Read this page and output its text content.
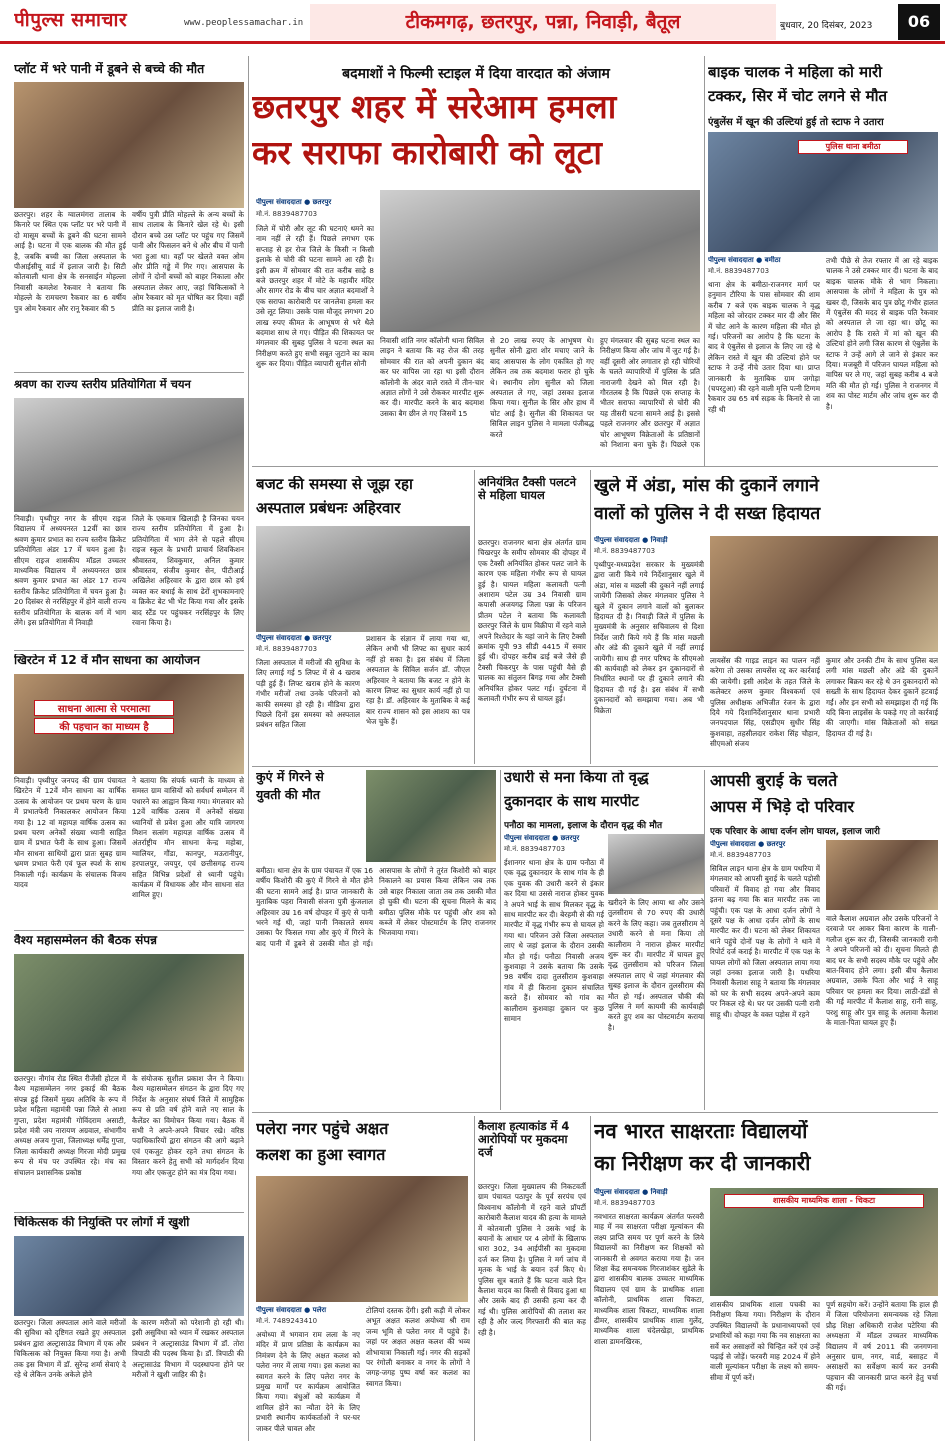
पीपुल्स समाचार	www.peoplessamachar.in	टीकमगढ़, छतरपुर, पन्ना, निवाड़ी, बैतूल	बुधवार, 20 दिसंबर, 2023	06
प्लॉट में भरे पानी में डूबने से बच्चे की मौत
छतरपुर। शहर के ग्वालमंगरा तालाब के किनारे पर स्थित एक प्लॉट पर भरे पानी में दो मासूम बच्चों के डूबने की घटना सामने आई है। घटना में एक बालक की मौत हुई है, जबकि बच्ची का जिला अस्पताल के पीआईसीयू वार्ड में इलाज जारी है। सिटी कोतवाली थाना क्षेत्र के सनसाईन मोहल्ला निवासी कमलेश रैकवार ने बताया कि मोहल्ले के रामचरण रैकवार का 6 वर्षीय पुत्र ओम रैकवार और रानू रैकवार की 5
वर्षीय पुत्री प्रीति मोहल्ले के अन्य बच्चों के साथ तालाब के किनारे खेल रहे थे। इसी दौरान बच्चे उस प्लॉट पर पहुंच गए जिसमें पानी और फिसलन बने थे और बीच में पानी भरा हुआ था। वहाँ पर खेलते वक्त ओम और प्रीति गड्ढे में गिर गए। आसपास के लोगों ने दोनों बच्चों को बाहर निकाला और अस्पताल लेकर आए, जहां चिकित्सकों ने ओम रैकवार को मृत घोषित कर दिया। वहीं प्रीति का इलाज जारी है।
श्रवण का राज्य स्तरीय प्रतियोगिता में चयन
निवाड़ी। पृथ्वीपुर नगर के सीएम राइज विद्यालय में अध्ययनरत 12वीं का छात्र श्रवण कुमार प्रभात का राज्य स्तरीय क्रिकेट प्रतियोगिता अंडर 17 में चयन हुआ है। सीएम राइज शासकीय मॉडल उच्चतर माध्यमिक विद्यालय में अध्ययनरत छात्र श्रवण कुमार प्रभात का अंडर 17 राज्य स्तरीय क्रिकेट प्रतियोगिता में चयन हुआ है। 20 दिसंबर से नरसिंहपुर में होने वाली राज्य स्तरीय प्रतियोगिता के बालक वर्ग में भाग लेंगे। इस प्रतियोगिता में निवाड़ी
जिले के एकमात्र खिलाड़ी है जिनका चयन राज्य स्तरीय प्रतियोगिता में हुआ है। प्रतियोगिता में भाग लेने से पहले सीएम राइज स्कूल के प्रभारी प्राचार्य शिवकिशन श्रीवास्तव, शिवकुमार, अनिल कुमार श्रीवास्तव, संजीव कुमार सेन, पीटीआई अखिलेश अहिरवार के द्वारा छात्र को हर्ष व्यक्त कर बधाई के साथ ढेरों शुभकामनाएं व क्रिकेट बेट भी भेंट किया गया और इसके बाद स्टैंड पर पहुंचकर नरसिंहपुर के लिए रवाना किया है।
खिरटेन में 12 वें मौन साधना का आयोजन
साधना आत्मा से परमात्मा
की पहचान का माध्यम है
निवाड़ी। पृथ्वीपुर जनपद की ग्राम पंचायत खिरटेन में 12वें मौन साधना का वार्षिक उत्सव के आयोजन पर प्रथम चरण के ग्राम में प्रभातफेरी निकालकर आयोजन किया गया है। 12 वां महायज्ञ वार्षिक उत्सव का प्रथम चरण अनेकों संख्या ध्यानी साहित ग्राम में प्रभात फेरी के साथ हुआ। जिसमें मौन साधना साथियों द्वारा प्रातः सुबह ग्राम भ्रमण प्रभात फेरी एवं फूल स्पर्श के साथ निकाली गई। कार्यक्रम के संचालक विजय यादव
ने बताया कि संपर्क ध्यानी के माध्यम से समस्त ग्राम वासियों को सर्वधर्म सम्मेलन में पधारने का आह्वान किया गया। मंगलवार को 12वें वार्षिक उत्सव में अनेकों संख्या ध्यानियों से प्रवेश हुआ और यात्रि जागरण मिशन सत्संग महायज्ञ वार्षिक उत्सव में अंतर्राष्ट्रीय मौन साधना केन्द्र महोबा, ग्वालियर, गौंडा, कानपुर, मऊरानीपुर, हरपालपुर, जयपुर, एवं छत्तीसगढ़ राज्य सहित विभिन्न प्रदेशों से ध्यानी पहुंचे। कार्यक्रम में विधायक और मौन साधना संत शामिल हुए।
वैश्य महासम्मेलन की बैठक संपन्न
छतरपुर। नौगांव रोड स्थित रीजेंसी होटल में वैश्य महासम्मेलन नगर इकाई की बैठक संपन्न हुई जिसमें मुख्य अतिथि के रूप में प्रदेश महिला महामंत्री पन्ना जिले से आशा गुप्ता, प्रदेश महामंत्री गोविंदराम असाटी, प्रदेश मंत्री जय नारायण अग्रवाल, संभागीय अध्यक्ष अजय गुप्ता, जिलाध्यक्ष धर्मेंद्र गुप्ता, जिला कार्यकारी अध्यक्ष गिरजा मोदी प्रमुख रूप से मंच पर उपस्थित रहे। मंच का संचालन प्रशासनिक प्रकोष्ठ
के संयोजक सुशील प्रकाश जैन ने किया। वैश्य महासम्मेलन संगठन के द्वारा दिए गए निर्देश के अनुसार संघर्ष जिले में सामुहिक रूप से प्रति वर्ष होने वाले नए साल के कैलेंडर का विमोचन किया गया। बैठक में सभी ने अपने-अपने विचार रखे। वरिष्ठ पदाधिकारियों द्वारा संगठन की आगे बढ़ाने एवं एकजुट होकर रहने तथा संगठन के विस्तार करने हेतु सभी को मार्गदर्शन दिया गया और एकजुट होने का मंत्र दिया गया।
चिकित्सक की नियुक्ति पर लोगों में खुशी
छतरपुर। जिला अस्पताल आने वाले मरीजों की सुविधा को दृष्टिगत रखते हुए अस्पताल प्रबंधन द्वारा अल्ट्रासाउंड विभाग में एक और चिकित्सक को नियुक्त किया गया है। अभी तक इस विभाग में डॉ. सुरेन्द्र शर्मा सेवाएं दे रहे थे लेकिन उनके अकेले होने
के कारण मरीजों को परेशानी हो रही थी। इसी असुविधा को ध्यान में रखकर अस्पताल प्रबंधन ने अल्ट्रासाउंड विभाग में डॉ. तोरा त्रिपाठी की पदस्थ किया है। डॉ. त्रिपाठी की अल्ट्रासाउंड विभाग में पदस्थापना होने पर मरीजों ने खुशी जाहिर की है।
बदमाशों ने फिल्मी स्टाइल में दिया वारदात को अंजाम
छतरपुर शहर में सरेआम हमला
कर सराफा कारोबारी को लूटा
पीपुल्स संवाददाता ● छतरपुर
मो.नं. 8839487703
जिले में चोरी और लूट की घटनाएं थमने का नाम नहीं ले रही हैं। पिछले लगभग एक सप्ताह से हर रोज जिले के किसी न किसी इलाके से चोरी की घटना सामने आ रही है। इसी क्रम में सोमवार की रात करीब साढ़े 8 बजे छतरपुर शहर में मोटे के महावीर मंदिर और सागर रोड के बीच चार अज्ञात बदमाशों ने एक सराफा कारोबारी पर जानलेवा हमला कर उसे लूट लिया। उसके पास मौजूद लगभग 20 लाख रुपए कीमत के आभूषण से भरे थैले बदमाश साथ ले गए। पीड़ित की शिकायत पर मंगलवार की सुबह पुलिस ने घटना स्थल का निरीक्षण करते हुए सभी सबूत जुटाने का काम शुरू कर दिया। पीड़ित व्यापारी सुनील सोनी
निवासी शांति नगर कॉलोनी थाना सिविल लाइन ने बताया कि वह रोज की तरह सोमवार की रात को अपनी दुकान बंद कर घर वापिस जा रहा था इसी दौरान कॉलोनी के अंदर वाले रास्ते में तीन-चार अज्ञात लोगों ने उसे रोककर मारपीट शुरू कर दी। मारपीट करने के बाद बदमाश उसका बैग छीन ले गए जिसमें 15
से 20 लाख रुपए के आभूषण थे। सुनील सोनी द्वारा शोर मचाए जाने के बाद आसपास के लोग एकत्रित हो गए लेकिन तब तक बदमाश फरार हो चुके थे। स्थानीय लोग सुनील को जिला अस्पताल ले गए, जहां उसका इलाज किया गया। सुनील के सिर और हाथ में चोट आई है। सुनील की शिकायत पर सिविल लाइन पुलिस ने मामला पंजीबद्ध करते
हुए मंगलवार की सुबह घटना स्थल का निरीक्षण किया और जांच में जुट गई है। वहीं दूसरी ओर लगातार हो रही चोरियों के चलते व्यापारियों में पुलिस के प्रति नाराजगी देखने को मिल रही है। गौरतलब है कि पिछले एक सप्ताह के भीतर सराफा व्यापारियों से चोरी की यह तीसरी घटना सामने आई है। इससे पहले राजनगर और छतरपुर में अज्ञात चोर आभूषण विक्रेताओं के प्रतिष्ठानों को निशाना बना चुके हैं। पिछले एक
बाइक चालक ने महिला को मारी
टक्कर, सिर में चोट लगने से मौत
एंबुलेंस में खून की उल्टियां हुई तो स्टाफ ने उतारा
पुलिस थाना बमीठा
पीपुल्स संवाददाता ● बमीठा
मो.नं. 8839487703
थाना क्षेत्र के बमीठा-राजनगर मार्ग पर हनुमान टौरिया के पास सोमवार की शाम करीब 7 बजे एक बाइक चालक ने वृद्ध महिला को जोरदार टक्कर मार दी और सिर में चोट आने के कारण महिला की मौत हो गई। परिजनों का आरोप है कि घटना के बाद वे एंबुलेंस से इलाज के लिए जा रहे थे लेकिन रास्ते में खून की उल्टियां होने पर स्टाफ ने उन्हें नीचे उतार दिया था। प्राप्त जानकारी के मुताबिक ग्राम जगोड़ा (चपरटुआ) की रहने वाली मृत्ति पत्नी टिग्गम रैकवार उम्र 65 वर्ष सड़क के किनारे से जा रही थी
तभी पीछे से तेज रफ्तार में आ रहे बाइक चालक ने उसे टक्कर मार दी। घटना के बाद बाइक चालक मौके से भाग निकला। आसपास के लोगों ने महिला के पुत्र को खबर दी, जिसके बाद पुत्र छोटू गंभीर हालत में एंबुलेंस की मदद से बाइक पति रैकवार को अस्पताल ले जा रहा था। छोटू का आरोप है कि रास्ते में मां को खून की उल्टियां होने लगी जिस कारण से एंबुलेंस के स्टाफ ने उन्हें आगे ले जाने से इंकार कर दिया। मजबूरी में परिजन घायल महिला को वापिस घर ले गए, जहां सुबह करीब 4 बजे मति की मौत हो गई। पुलिस ने राजनगर में शव का पोस्ट मार्टम और जांच शुरू कर दी है।
बजट की समस्या से जूझ रहा
अस्पताल प्रबंधनः अहिरवार
पीपुल्स संवाददाता ● छतरपुर
मो.नं. 8839487703
जिला अस्पताल में मरीजों की सुविधा के लिए लगाई गई 5 लिफ्ट में से 4 खराब पड़ी हुई हैं। लिफ्ट खराब होने के कारण गंभीर मरीजों तथा उनके परिजनों को काफी समस्या हो रही है। मीडिया द्वारा पिछले दिनों इस समस्या को अस्पताल प्रबंधन सहित जिला
प्रशासन के संज्ञान में लाया गया था, लेकिन अभी भी लिफ्ट का सुधार कार्य नहीं हो सका है। इस संबंध में जिला अस्पताल के सिविल सर्जन डॉ. जीएल अहिरवार ने बताया कि बजट न होने के कारण लिफ्ट का सुधार कार्य नहीं हो पा रहा है। डॉ. अहिरवार के मुताबिक वे कई बार राज्य शासन को इस आशय का पत्र भेज चुके हैं।
अनियंत्रित टैक्सी पलटने से महिला घायल
छतरपुर। राजनगर थाना क्षेत्र अंतर्गत ग्राम चिखरपुर के समीप सोमवार की दोपहर में एक टैक्सी अनियंत्रित होकर पलट जाने के कारण एक महिला गंभीर रूप से घायल हुई है। घायल महिला कलावती पत्नी अशाराम पटेल उम्र 34 निवासी ग्राम कपासी अजयगढ़ जिला पन्ना के परिजन प्रीतम पटेल ने बताया कि कलावती छतरपुर जिले के ग्राम विक्रीपा में रहने वाले अपने रिश्तेदार के यहां जाने के लिए टैक्सी क्रमांक यूपी 93 सीडी 4415 में सवार हुई थी। दोपहर करीब ढाई बजे जैसे ही टैक्सी चिकरपुर के पास पहुंची वैसे ही चालक का संतुलन बिगड़ गया और टैक्सी अनियंत्रित होकर पलट गई। दुर्घटना में कलावती गंभीर रूप से घायल हुई।
खुले में अंडा, मांस की दुकानें लगाने
वालों को पुलिस ने दी सख्त हिदायत
पीपुल्स संवाददाता ● निवाड़ी
मो.नं. 8839487703
पृथ्वीपुर-मध्यप्रदेश सरकार के मुख्यमंत्री द्वारा जारी किये गये निर्देशानुसार खुले में अंडा, मांस व मछली की दुकाने नहीं लगाई जायेंगी जिसको लेकर मंगलवार पुलिस ने खुले में दुकान लगाने वालों को बुलाकर हिदायत दी है। निवाड़ी जिले में पुलिस के मुख्यमंत्री के अनुसार सचिवालय से दिशा निर्देश जारी किये गये हैं कि मांस मछली और अंडे की दुकाने खुले में नहीं लगाई जायेंगी। साथ ही नगर परिषद के सीएमओ की कार्यवाही को लेकर इन दुकानदारों से निर्धारित स्थानों पर ही दुकाने लगाने की हिदायत दी गई है। इस संबंध में सभी दुकानदारों को समझाया गया। अब भी विक्रेता
लायसेंस की गाइड लाइन का पालन नहीं करेगा तो उसका लायसेंस रद्द कर कार्रवाई की जायेगी। इसी आदेश के तहत जिले के कलेक्टर अरुण कुमार विश्वकर्मा एवं पुलिस अधीक्षक अभिजीत रंजन के द्वारा दिये गये दिशानिर्देशानुसार थाना प्रभारी जनपदपाल सिंह, एसडीएम सुधीर सिंह कुशवाहा, तहसीलदार राकेश सिंह चौहान, सीएमओ संजय
कुमार और उनकी टीम के साथ पुलिस बल लगी मांस मछली और अंडे की दुकानें लगाकर बिक्रय कर रहे थे उन दुकानदारों को सख्ती के साथ हिदायत देकर दुकानें हटवाई गईं। और इन सभी को समझाइश दी गई कि यदि बिना लाइसेंस के पकड़े गए तो कार्रवाई की जाएगी। मांस विक्रेताओं को सख्त हिदायत दी गई है।
कुएं में गिरने से
युवती की मौत
बमीठा। थाना क्षेत्र के ग्राम पंचायत में एक 16 वर्षीय किशोरी की कुएं में गिरने से मौत होने की घटना सामने आई है। प्राप्त जानकारी के मुताबिक पहरा निवासी संजना पुत्री कुंजलाल अहिरवार उम्र 16 वर्ष दोपहर में कुएं से पानी भरने गई थी, जहां पानी निकालते समय उसका पैर फिसल गया और कुएं में गिरने के बाद पानी में डूबने से उसकी मौत हो गई। आसपास के लोगों ने तुरंत किशोरी को बाहर निकालने का प्रयास किया लेकिन जब तक उसे बाहर निकाला जाता तब तक उसकी मौत हो चुकी थी। घटना की सूचना मिलने के बाद बमीठा पुलिस मौके पर पहुंची और शव को कब्जे में लेकर पोस्टमार्टम के लिए राजनगर भिजवाया गया।
उधारी से मना किया तो वृद्ध
दुकानदार के साथ मारपीट
पनौठा का मामला, इलाज के दौरान वृद्ध की मौत
पीपुल्स संवाददाता ● छतरपुर
मो.नं. 8839487703
ईशानगर थाना क्षेत्र के ग्राम पनौठा में एक वृद्ध दुकानदार के साथ गांव के ही एक युवक की उधारी करने से इंकार कर दिया था उससे नाराज होकर युवक ने अपने भाई के साथ मिलकर वृद्ध के साथ मारपीट कर दी। बेरहमी से की गई मारपीट में वृद्ध गंभीर रूप से घायल हो गया था। परिजन उसे जिला अस्पताल लाए थे जहां इलाज के दौरान उसकी मौत हो गई। पनौठा निवासी अजय कुशवाहा ने उसके बताया कि उसके 98 वर्षीय दादा तुलसीराम कुशवाहा गांव में ही किराना दुकान संचालित करते हैं। सोमवार को गांव का कालीराम कुशवाहा दुकान पर कुछ सामान
खरीदने के लिए आया था और उसने तुलसीराम से 70 रुपए की उधारी करने के लिए कहा। जब तुलसीराम ने उधारी करने से मना किया तो कालीराम ने नाराज होकर मारपीट शुरू कर दी। मारपीट में घायल हुए वृद्ध तुलसीराम को परिजन जिला अस्पताल लाए थे जहां मंगलवार की सुबह इलाज के दौरान तुलसीराम की मौत हो गई। अस्पताल चौकी की पुलिस ने मर्ग कायमी की कार्यवाही करते हुए शव का पोस्टमार्टम कराया है।
आपसी बुराई के चलते
आपस में भिड़े दो परिवार
एक परिवार के आधा दर्जन लोग घायल, इलाज जारी
पीपुल्स संवाददाता ● छतरपुर
मो.नं. 8839487703
सिविल लाइन थाना क्षेत्र के ग्राम पथरिया में मंगलवार को आपसी बुराई के चलते पड़ोसी परिवारों में विवाद हो गया और विवाद इतना बढ़ गया कि बात मारपीट तक जा पहुंची। एक पक्ष के आधा दर्जन लोगों ने दूसरे पक्ष के आधा दर्जन लोगों के साथ मारपीट कर दी। घटना को लेकर शिकायत थाने पहुंचे दोनों पक्ष के लोगों ने थाने में रिपोर्ट दर्ज कराई है। मारपीट में एक पक्ष के घायल लोगों को जिला अस्पताल लाया गया जहां उनका इलाज जारी है। पथरिया निवासी कैलाश साहू ने बताया कि मंगलवार को घर के सभी सदस्य अपने-अपने काम पर निकल रहे थे। घर पर उसकी पत्नी रानी साहू थी। दोपहर के वक्त पड़ोस में रहने
वाले कैलाश अग्रवाल और उसके परिजनों ने दरवाजे पर आकर बिना कारण के गाली-गलौज शुरू कर दी, जिसकी जानकारी रानी ने अपने परिजनों को दी। सूचना मिलते ही बाद घर के सभी सदस्य मौके पर पहुंचे और बात-विवाद होने लगा। इसी बीच कैलाश अग्रवाल, उसके पिता और भाई ने साहू परिवार पर हमला कर दिया। लाठी-डंडों से की गई मारपीट में कैलाश साहू, रानी साहू, परशु साहू और पुत्र साहू के अलावा कैलाश के माता-पिता घायल हुए हैं।
पलेरा नगर पहुंचे अक्षत
कलश का हुआ स्वागत
पीपुल्स संवाददाता ● पलेरा
मो.नं. 7489243410
अयोध्या में भगवान राम लला के नए मंदिर में प्राण प्रतिष्ठा के कार्यक्रम का निमंत्रण देने के लिए अक्षत कलश को पलेरा नगर में लाया गया। इस कलश का स्वागत करने के लिए पलेरा नगर के प्रमुख मार्गों पर कार्यक्रम आयोजित किया गया। बंधुओं को कार्यक्रम में शामिल होने का न्यौता देने के लिए प्रभारी स्थानीय कार्यकर्ताओं ने घर-घर जाकर पीले चावल और
टोलियां दस्तक देंगी। इसी कड़ी में लोकर अभूत अक्षत कलश अयोध्या श्री राम जन्म भूमि से पलेरा नगर में पहुंचे हैं। जहां पर अक्षत अक्षत कलश की भव्य शोभायात्रा निकाली गई। नगर की सड़कों पर रंगोली बनाकर व नगर के लोगों ने जगह-जगह पुष्प वर्षा कर कलश का स्वागत किया।
कैलाश हत्याकांड में 4 आरोपियों पर मुकदमा दर्ज
छतरपुर। जिला मुख्यालय की निकटवर्ती ग्राम पंचायत पठापुर के पूर्व सरपंच एवं विश्वनाथ कॉलोनी में रहने वाले प्रॉपर्टी कारोबारी कैलाश यादव की हत्या के मामले में कोतवाली पुलिस ने उसके भाई के बयानों के आधार पर 4 लोगों के खिलाफ धारा 302, 34 आईपीसी का मुकदमा दर्ज कर लिया है। पुलिस ने मर्ग जांच में मृतक के भाई के बयान दर्ज किए थे। पुलिस सूत्र बताते हैं कि घटना वाले दिन कैलाश यादव का किसी से विवाद हुआ था और उसके बाद ही उसकी हत्या कर दी गई थी। पुलिस आरोपियों की तलाश कर रही है और जल्द गिरफ्तारी की बात कह रही है।
नव भारत साक्षरताः विद्यालयों
का निरीक्षण कर दी जानकारी
पीपुल्स संवाददाता ● निवाड़ी
मो.नं. 8839487703
नवभारत साक्षरता कार्यक्रम अंतर्गत फरवरी माह में नव साक्षरता परीक्षा मूल्यांकन की लक्ष्य प्राप्ति समय पर पूर्ण करने के लिये विद्यालयों का निरीक्षण कर शिक्षकों को जानकारी से अवगत कराया गया है। जन शिक्षा केंद्र समन्वयक गिरजाशंकर सुडेले के द्वारा शासकीय बालक उच्चतर माध्यमिक विद्यालय एवं ग्राम के प्राथमिक शाला कॉलोनी, प्राथमिक शाला चिकटा, माध्यमिक शाला चिकटा, माध्यमिक शाला ढीमर, शासकीय प्राथमिक शाला गुलेंद, माध्यमिक शाला चंदेलखेड़ा, प्राथमिक शाला डामनखिरक,
शासकीय माध्यमिक शाला - चिकटा
शासकीय प्राथमिक शाला पचकी का निरीक्षण किया गया। निरीक्षण के दौरान उपस्थित विद्यालयों के प्रधानाध्यापकों एवं प्रभारियों को कहा गया कि नव साक्षरता का सर्वे कर असाक्षरों को चिन्हित करें एवं उन्हें पढ़ाई से जोड़ें। फरवरी माह 2024 में होने वाली मूल्यांकन परीक्षा के लक्ष्य को समय-सीमा में पूर्ण करें।
पूर्ण सहयोग करें। उन्होंने बताया कि हाल ही में जिला परियोजना समन्वयक रहे जिला प्रौढ़ शिक्षा अधिकारी राजेश पटेरिया की अध्यक्षता में मॉडल उच्चतर माध्यमिक विद्यालय में वर्ष 2011 की जनगणना अनुसार ग्राम, नगर, वार्ड, बसाहट में असाक्षरों का सर्वेक्षण कार्य कर उनकी पहचान की जानकारी प्राप्त करने हेतु चर्चा की गई।
